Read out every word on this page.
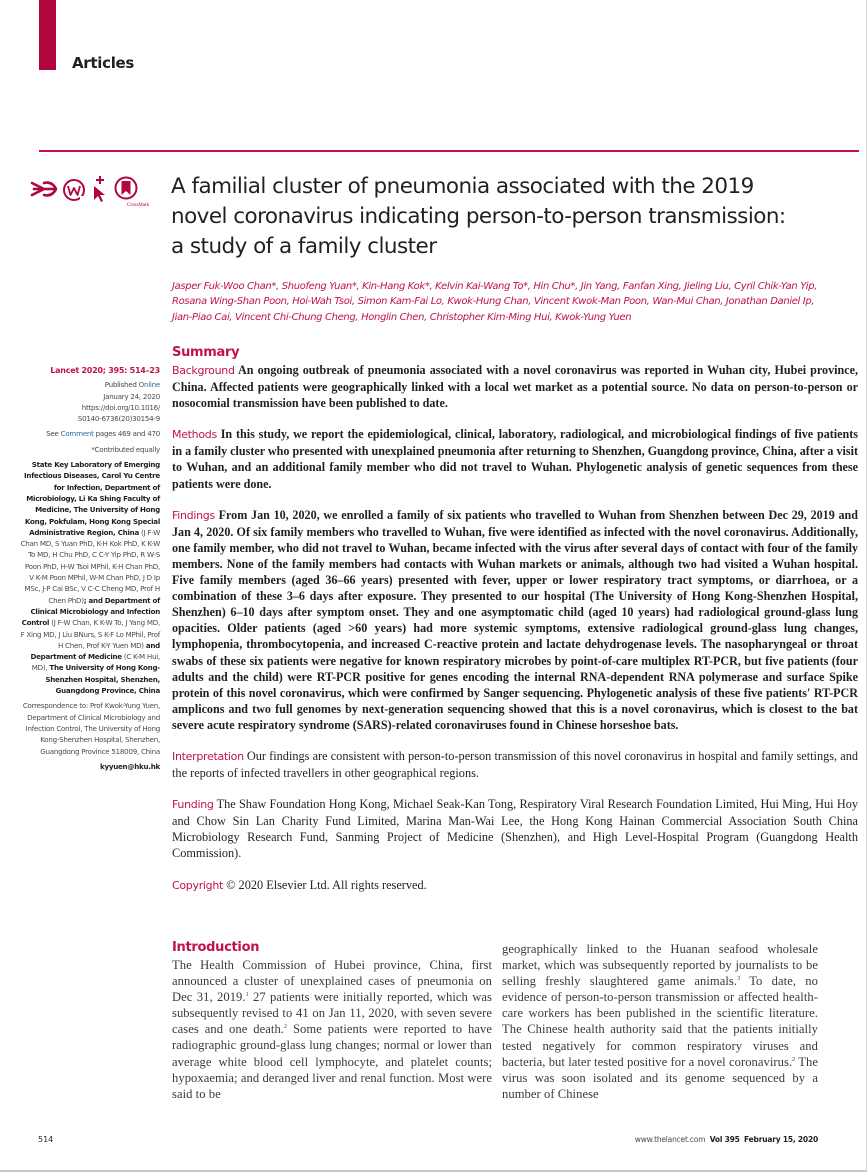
Articles
CrossMark
A familial cluster of pneumonia associated with the 2019
novel coronavirus indicating person-to-person transmission:
a study of a family cluster
Jasper Fuk-Woo Chan*, Shuofeng Yuan*, Kin-Hang Kok*, Kelvin Kai-Wang To*, Hin Chu*, Jin Yang, Fanfan Xing, Jieling Liu, Cyril Chik-Yan Yip,
Rosana Wing-Shan Poon, Hoi-Wah Tsoi, Simon Kam-Fai Lo, Kwok-Hung Chan, Vincent Kwok-Man Poon, Wan-Mui Chan, Jonathan Daniel Ip,
Jian-Piao Cai, Vincent Chi-Chung Cheng, Honglin Chen, Christopher Kim-Ming Hui, Kwok-Yung Yuen
Lancet 2020; 395: 514–23
Published Online
January 24, 2020
https://doi.org/10.1016/
S0140-6736(20)30154-9
See Comment pages 469 and 470
*Contributed equally
State Key Laboratory of Emerging Infectious Diseases, Carol Yu Centre for Infection, Department of Microbiology, Li Ka Shing Faculty of Medicine, The University of Hong Kong, Pokfulam, Hong Kong Special Administrative Region, China (J F-W Chan MD, S Yuan PhD, K-H Kok PhD, K K-W To MD, H Chu PhD, C C-Y Yip PhD, R W-S Poon PhD, H-W Tsoi MPhil, K-H Chan PhD, V K-M Poon MPhil, W-M Chan PhD, J D Ip MSc, J-P Cai BSc, V C-C Cheng MD, Prof H Chen PhD); and Department of Clinical Microbiology and Infection Control (J F-W Chan, K K-W To, J Yang MD, F Xing MD, J Liu BNurs, S K-F Lo MPhil, Prof H Chen, Prof K-Y Yuen MD) and Department of Medicine (C K-M Hui, MD), The University of Hong Kong-Shenzhen Hospital, Shenzhen, Guangdong Province, China
Correspondence to: Prof Kwok-Yung Yuen, Department of Clinical Microbiology and Infection Control, The University of Hong Kong-Shenzhen Hospital, Shenzhen, Guangdong Province 518009, China
kyyuen@hku.hk
Summary

Background An ongoing outbreak of pneumonia associated with a novel coronavirus was reported in Wuhan city, Hubei province, China. Affected patients were geographically linked with a local wet market as a potential source. No data on person-to-person or nosocomial transmission have been published to date.

Methods In this study, we report the epidemiological, clinical, laboratory, radiological, and microbiological findings of five patients in a family cluster who presented with unexplained pneumonia after returning to Shenzhen, Guangdong province, China, after a visit to Wuhan, and an additional family member who did not travel to Wuhan. Phylogenetic analysis of genetic sequences from these patients were done.

Findings From Jan 10, 2020, we enrolled a family of six patients who travelled to Wuhan from Shenzhen between Dec 29, 2019 and Jan 4, 2020. Of six family members who travelled to Wuhan, five were identified as infected with the novel coronavirus. Additionally, one family member, who did not travel to Wuhan, became infected with the virus after several days of contact with four of the family members. None of the family members had contacts with Wuhan markets or animals, although two had visited a Wuhan hospital. Five family members (aged 36–66 years) presented with fever, upper or lower respiratory tract symptoms, or diarrhoea, or a combination of these 3–6 days after exposure. They presented to our hospital (The University of Hong Kong-Shenzhen Hospital, Shenzhen) 6–10 days after symptom onset. They and one asymptomatic child (aged 10 years) had radiological ground-glass lung opacities. Older patients (aged >60 years) had more systemic symptoms, extensive radiological ground-glass lung changes, lymphopenia, thrombocytopenia, and increased C-reactive protein and lactate dehydrogenase levels. The nasopharyngeal or throat swabs of these six patients were negative for known respiratory microbes by point-of-care multiplex RT-PCR, but five patients (four adults and the child) were RT-PCR positive for genes encoding the internal RNA-dependent RNA polymerase and surface Spike protein of this novel coronavirus, which were confirmed by Sanger sequencing. Phylogenetic analysis of these five patients' RT-PCR amplicons and two full genomes by next-generation sequencing showed that this is a novel coronavirus, which is closest to the bat severe acute respiratory syndrome (SARS)-related coronaviruses found in Chinese horseshoe bats.

Interpretation Our findings are consistent with person-to-person transmission of this novel coronavirus in hospital and family settings, and the reports of infected travellers in other geographical regions.

Funding The Shaw Foundation Hong Kong, Michael Seak-Kan Tong, Respiratory Viral Research Foundation Limited, Hui Ming, Hui Hoy and Chow Sin Lan Charity Fund Limited, Marina Man-Wai Lee, the Hong Kong Hainan Commercial Association South China Microbiology Research Fund, Sanming Project of Medicine (Shenzhen), and High Level-Hospital Program (Guangdong Health Commission).

Copyright © 2020 Elsevier Ltd. All rights reserved.

Introduction

The Health Commission of Hubei province, China, first announced a cluster of unexplained cases of pneumonia on Dec 31, 2019.$^1$ 27 patients were initially reported, which was subsequently revised to 41 on Jan 11, 2020, with seven severe cases and one death.$^2$ Some patients were reported to have radiographic ground-glass lung changes; normal or lower than average white blood cell lymphocyte, and platelet counts; hypoxaemia; and deranged liver and renal function. Most were said to be

geographically linked to the Huanan seafood wholesale market, which was subsequently reported by journalists to be selling freshly slaughtered game animals.$^3$ To date, no evidence of person-to-person transmission or affected health-care workers has been published in the scientific literature. The Chinese health authority said that the patients initially tested negatively for common respiratory viruses and bacteria, but later tested positive for a novel coronavirus.$^2$ The virus was soon isolated and its genome sequenced by a number of Chinese

514	www.thelancet.com Vol 395 February 15, 2020
